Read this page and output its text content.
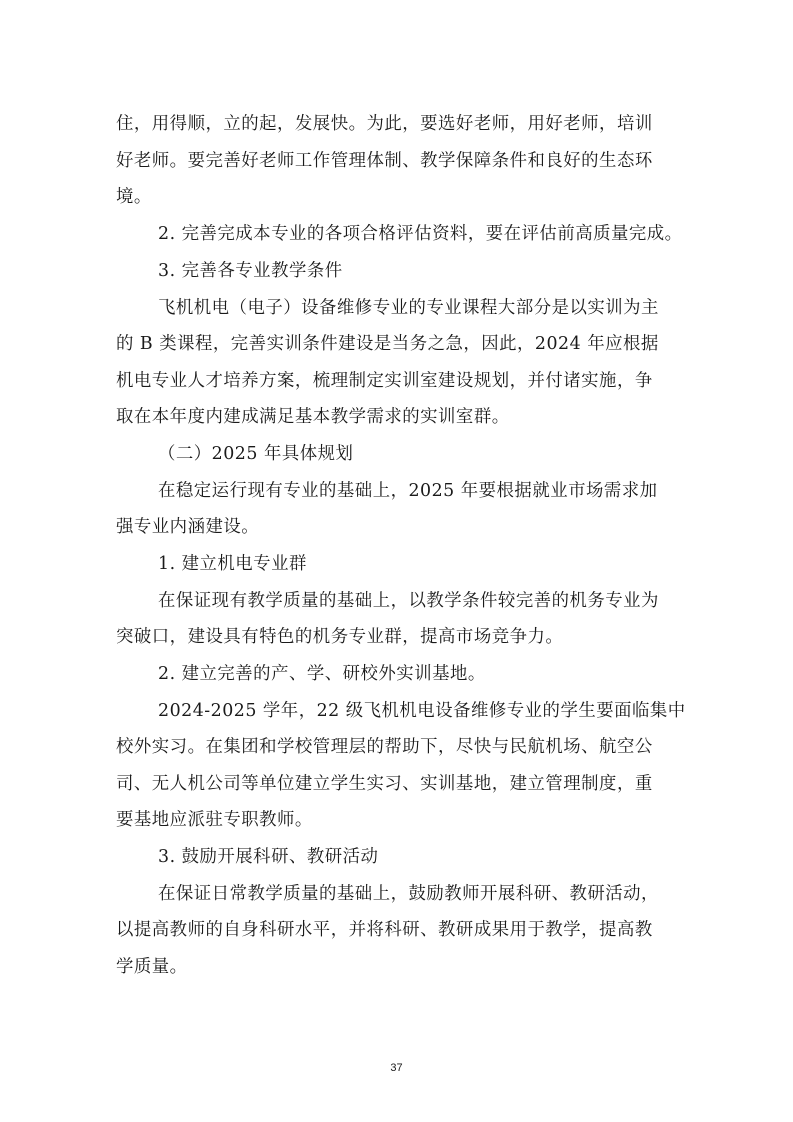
住，用得顺，立的起，发展快。为此，要选好老师，用好老师，培训
好老师。要完善好老师工作管理体制、教学保障条件和良好的生态环
境。
2. 完善完成本专业的各项合格评估资料，要在评估前高质量完成。
3. 完善各专业教学条件
飞机机电（电子）设备维修专业的专业课程大部分是以实训为主
的 B 类课程，完善实训条件建设是当务之急，因此，2024 年应根据
机电专业人才培养方案，梳理制定实训室建设规划，并付诸实施，争
取在本年度内建成满足基本教学需求的实训室群。
（二）2025 年具体规划
在稳定运行现有专业的基础上，2025 年要根据就业市场需求加
强专业内涵建设。
1. 建立机电专业群
在保证现有教学质量的基础上，以教学条件较完善的机务专业为
突破口，建设具有特色的机务专业群，提高市场竞争力。
2. 建立完善的产、学、研校外实训基地。
2024-2025 学年，22 级飞机机电设备维修专业的学生要面临集中
校外实习。在集团和学校管理层的帮助下，尽快与民航机场、航空公
司、无人机公司等单位建立学生实习、实训基地，建立管理制度，重
要基地应派驻专职教师。
3. 鼓励开展科研、教研活动
在保证日常教学质量的基础上，鼓励教师开展科研、教研活动，
以提高教师的自身科研水平，并将科研、教研成果用于教学，提高教
学质量。
37
